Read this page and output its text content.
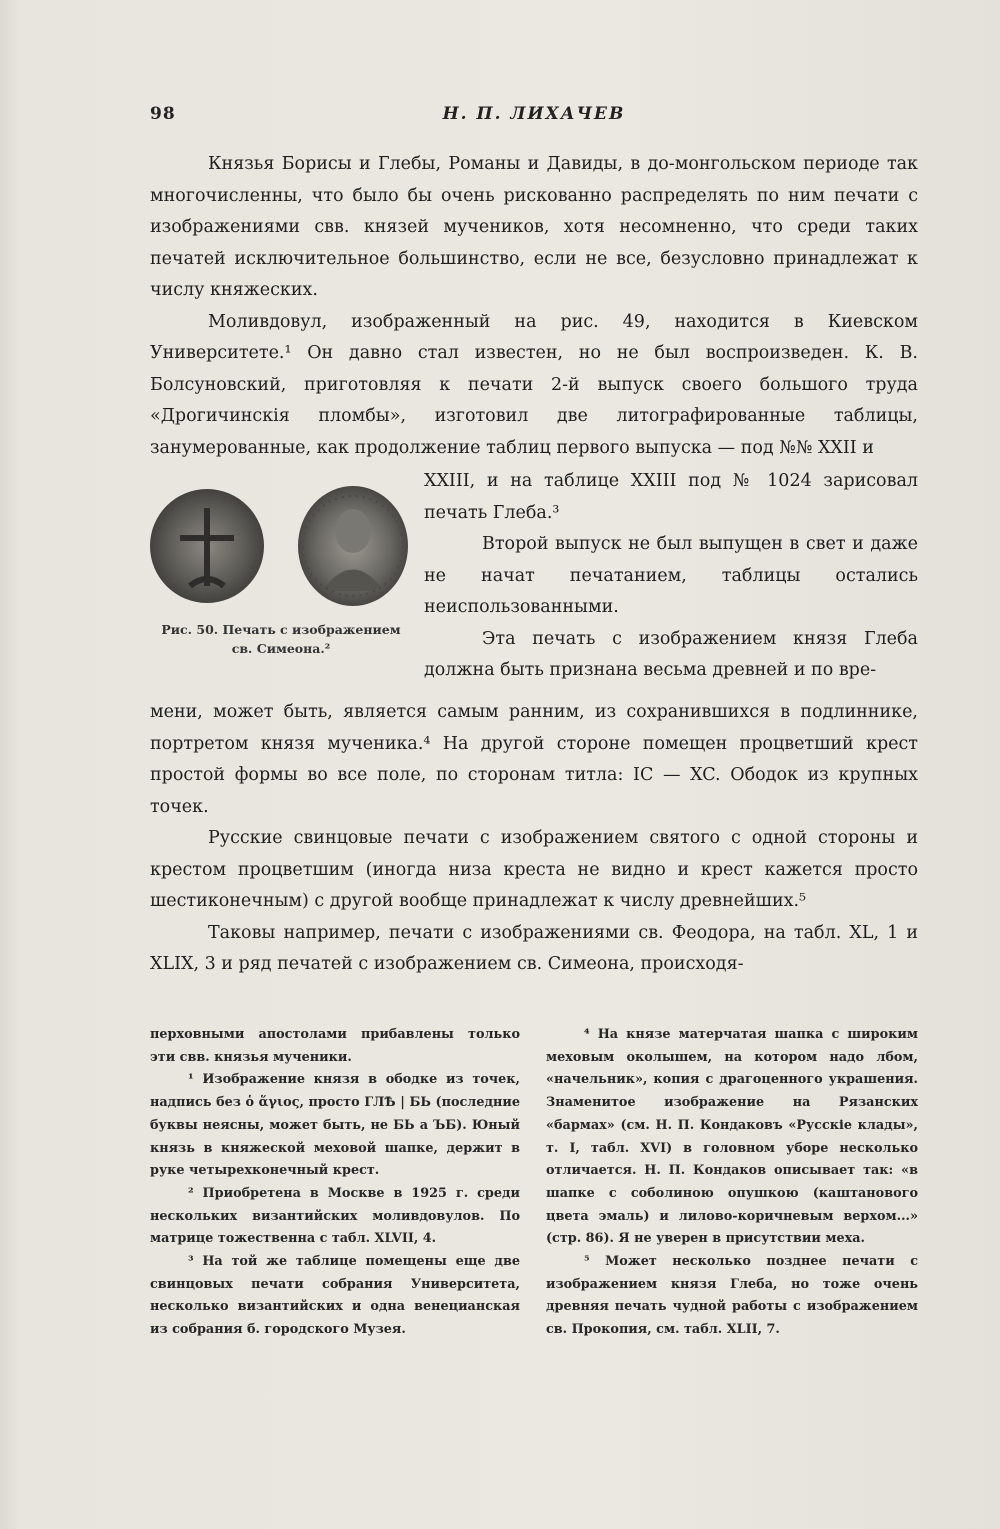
98	Н. П. ЛИХАЧЕВ

Князья Борисы и Глебы, Романы и Давиды, в до-монгольском периоде так многочисленны, что было бы очень рискованно распределять по ним печати с изображениями свв. князей мучеников, хотя несомненно, что среди таких печатей исключительное большинство, если не все, безусловно принадлежат к числу княжеских.

Моливдовул, изображенный на рис. 49, находится в Киевском Университете.¹ Он давно стал известен, но не был воспроизведен. К. В. Болсуновский, приготовляя к печати 2-й выпуск своего большого труда «Дрогичинскія пломбы», изготовил две литографированные таблицы, занумерованные, как продолжение таблиц первого выпуска — под №№ XXII и

Рис. 50. Печать с изображением св. Симеона.²

XXIII, и на таблице XXIII под № 1024 зарисовал печать Глеба.³

Второй выпуск не был выпущен в свет и даже не начат печатанием, таблицы остались неиспользованными.

Эта печать с изображением князя Глеба должна быть признана весьма древней и по вре-

мени, может быть, является самым ранним, из сохранившихся в подлиннике, портретом князя мученика.⁴ На другой стороне помещен процветший крест простой формы во все поле, по сторонам титла: IC — XC. Ободок из крупных точек.

Русские свинцовые печати с изображением святого с одной стороны и крестом процветшим (иногда низа креста не видно и крест кажется просто шестиконечным) с другой вообще принадлежат к числу древнейших.⁵

Таковы например, печати с изображениями св. Феодора, на табл. XL, 1 и XLIX, 3 и ряд печатей с изображением св. Симеона, происходя-

перховными апостолами прибавлены только эти свв. князья мученики.

¹ Изображение князя в ободке из точек, надпись без ὁ ἅγιος, просто ГЛѢ | БЬ (последние буквы неясны, может быть, не БЬ а ЪБ). Юный князь в княжеской меховой шапке, держит в руке четырехконечный крест.

² Приобретена в Москве в 1925 г. среди нескольких византийских моливдовулов. По матрице тожественна с табл. XLVII, 4.

³ На той же таблице помещены еще две свинцовых печати собрания Университета, несколько византийских и одна венецианская из собрания б. городского Музея.

⁴ На князе матерчатая шапка с широким меховым околышем, на котором надо лбом, «начельник», копия с драгоценного украшения. Знаменитое изображение на Рязанских «бармах» (см. Н. П. Кондаковъ «Русскіе клады», т. I, табл. XVI) в головном уборе несколько отличается. Н. П. Кондаков описывает так: «в шапке с соболиною опушкою (каштанового цвета эмаль) и лилово-коричневым верхом...» (стр. 86). Я не уверен в присутствии меха.

⁵ Может несколько позднее печати с изображением князя Глеба, но тоже очень древняя печать чудной работы с изображением св. Прокопия, см. табл. XLII, 7.
